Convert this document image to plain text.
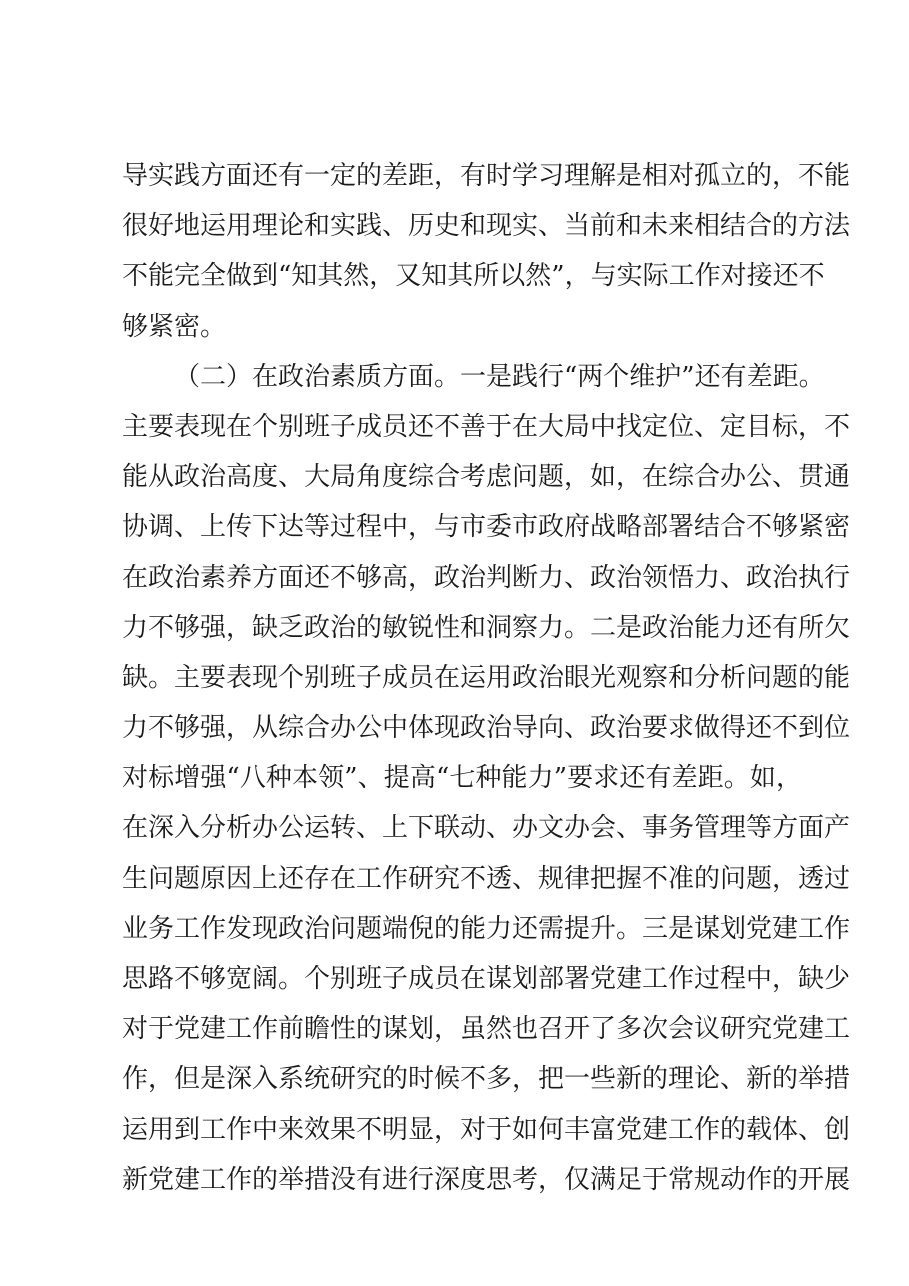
导实践方面还有一定的差距，有时学习理解是相对孤立的，不能
很好地运用理论和实践、历史和现实、当前和未来相结合的方法
不能完全做到“知其然，又知其所以然”，与实际工作对接还不
够紧密。
（二）在政治素质方面。一是践行“两个维护”还有差距。
主要表现在个别班子成员还不善于在大局中找定位、定目标，不
能从政治高度、大局角度综合考虑问题，如，在综合办公、贯通
协调、上传下达等过程中，与市委市政府战略部署结合不够紧密
在政治素养方面还不够高，政治判断力、政治领悟力、政治执行
力不够强，缺乏政治的敏锐性和洞察力。二是政治能力还有所欠
缺。主要表现个别班子成员在运用政治眼光观察和分析问题的能
力不够强，从综合办公中体现政治导向、政治要求做得还不到位
对标增强“八种本领”、提高“七种能力”要求还有差距。如，
在深入分析办公运转、上下联动、办文办会、事务管理等方面产
生问题原因上还存在工作研究不透、规律把握不准的问题，透过
业务工作发现政治问题端倪的能力还需提升。三是谋划党建工作
思路不够宽阔。个别班子成员在谋划部署党建工作过程中，缺少
对于党建工作前瞻性的谋划，虽然也召开了多次会议研究党建工
作，但是深入系统研究的时候不多，把一些新的理论、新的举措
运用到工作中来效果不明显，对于如何丰富党建工作的载体、创
新党建工作的举措没有进行深度思考，仅满足于常规动作的开展
